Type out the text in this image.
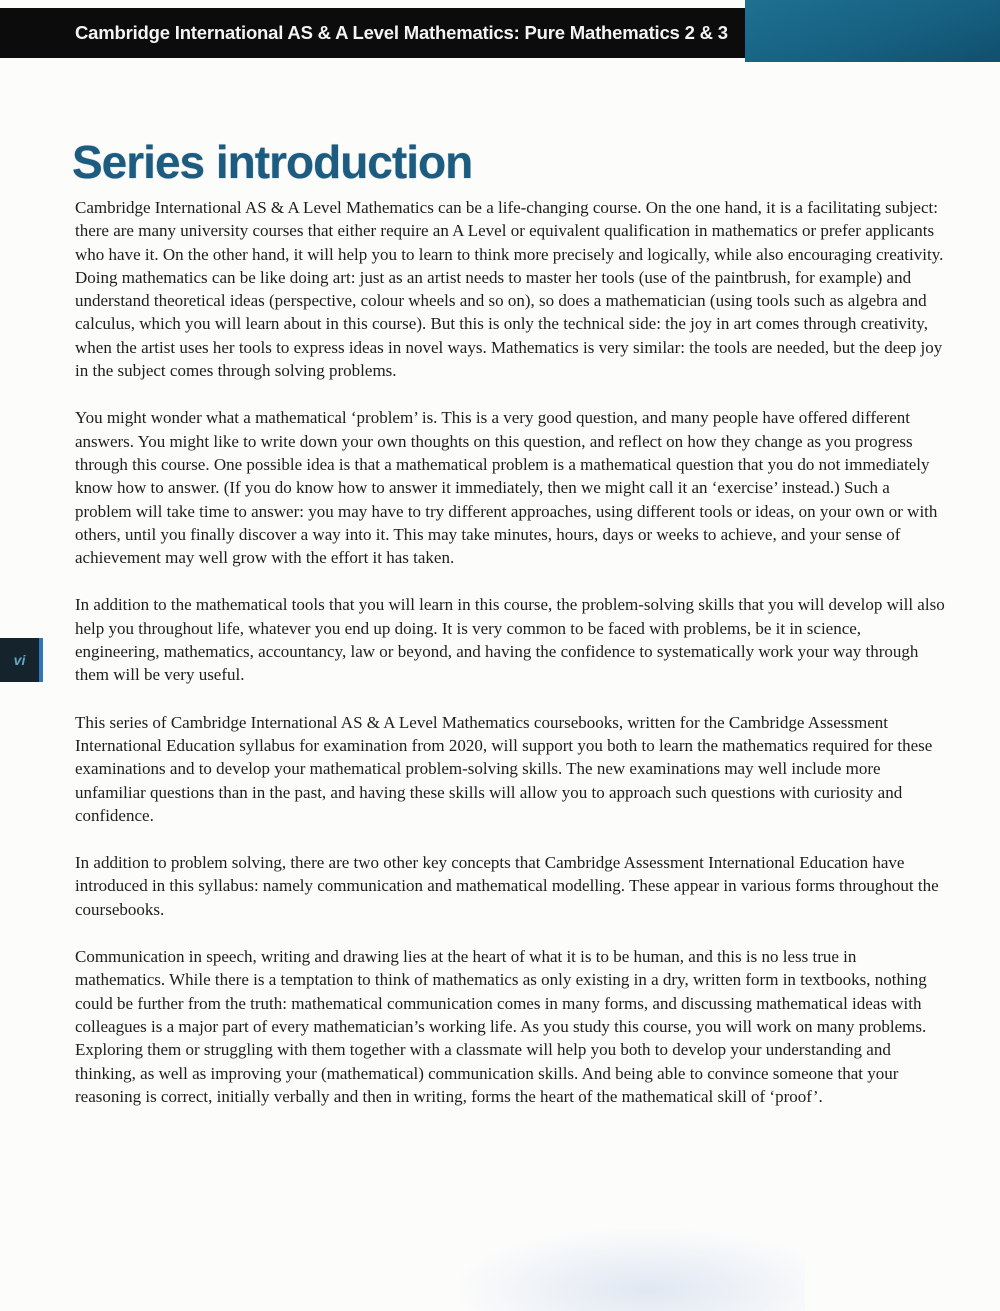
Cambridge International AS & A Level Mathematics: Pure Mathematics 2 & 3
Series introduction
vi

Cambridge International AS & A Level Mathematics can be a life-changing course. On the one hand, it is a facilitating subject: there are many university courses that either require an A Level or equivalent qualification in mathematics or prefer applicants who have it. On the other hand, it will help you to learn to think more precisely and logically, while also encouraging creativity. Doing mathematics can be like doing art: just as an artist needs to master her tools (use of the paintbrush, for example) and understand theoretical ideas (perspective, colour wheels and so on), so does a mathematician (using tools such as algebra and calculus, which you will learn about in this course). But this is only the technical side: the joy in art comes through creativity, when the artist uses her tools to express ideas in novel ways. Mathematics is very similar: the tools are needed, but the deep joy in the subject comes through solving problems.

You might wonder what a mathematical ‘problem’ is. This is a very good question, and many people have offered different answers. You might like to write down your own thoughts on this question, and reflect on how they change as you progress through this course. One possible idea is that a mathematical problem is a mathematical question that you do not immediately know how to answer. (If you do know how to answer it immediately, then we might call it an ‘exercise’ instead.) Such a problem will take time to answer: you may have to try different approaches, using different tools or ideas, on your own or with others, until you finally discover a way into it. This may take minutes, hours, days or weeks to achieve, and your sense of achievement may well grow with the effort it has taken.

In addition to the mathematical tools that you will learn in this course, the problem-solving skills that you will develop will also help you throughout life, whatever you end up doing. It is very common to be faced with problems, be it in science, engineering, mathematics, accountancy, law or beyond, and having the confidence to systematically work your way through them will be very useful.

This series of Cambridge International AS & A Level Mathematics coursebooks, written for the Cambridge Assessment International Education syllabus for examination from 2020, will support you both to learn the mathematics required for these examinations and to develop your mathematical problem-solving skills. The new examinations may well include more unfamiliar questions than in the past, and having these skills will allow you to approach such questions with curiosity and confidence.

In addition to problem solving, there are two other key concepts that Cambridge Assessment International Education have introduced in this syllabus: namely communication and mathematical modelling. These appear in various forms throughout the coursebooks.

Communication in speech, writing and drawing lies at the heart of what it is to be human, and this is no less true in mathematics. While there is a temptation to think of mathematics as only existing in a dry, written form in textbooks, nothing could be further from the truth: mathematical communication comes in many forms, and discussing mathematical ideas with colleagues is a major part of every mathematician’s working life. As you study this course, you will work on many problems. Exploring them or struggling with them together with a classmate will help you both to develop your understanding and thinking, as well as improving your (mathematical) communication skills. And being able to convince someone that your reasoning is correct, initially verbally and then in writing, forms the heart of the mathematical skill of ‘proof’.
